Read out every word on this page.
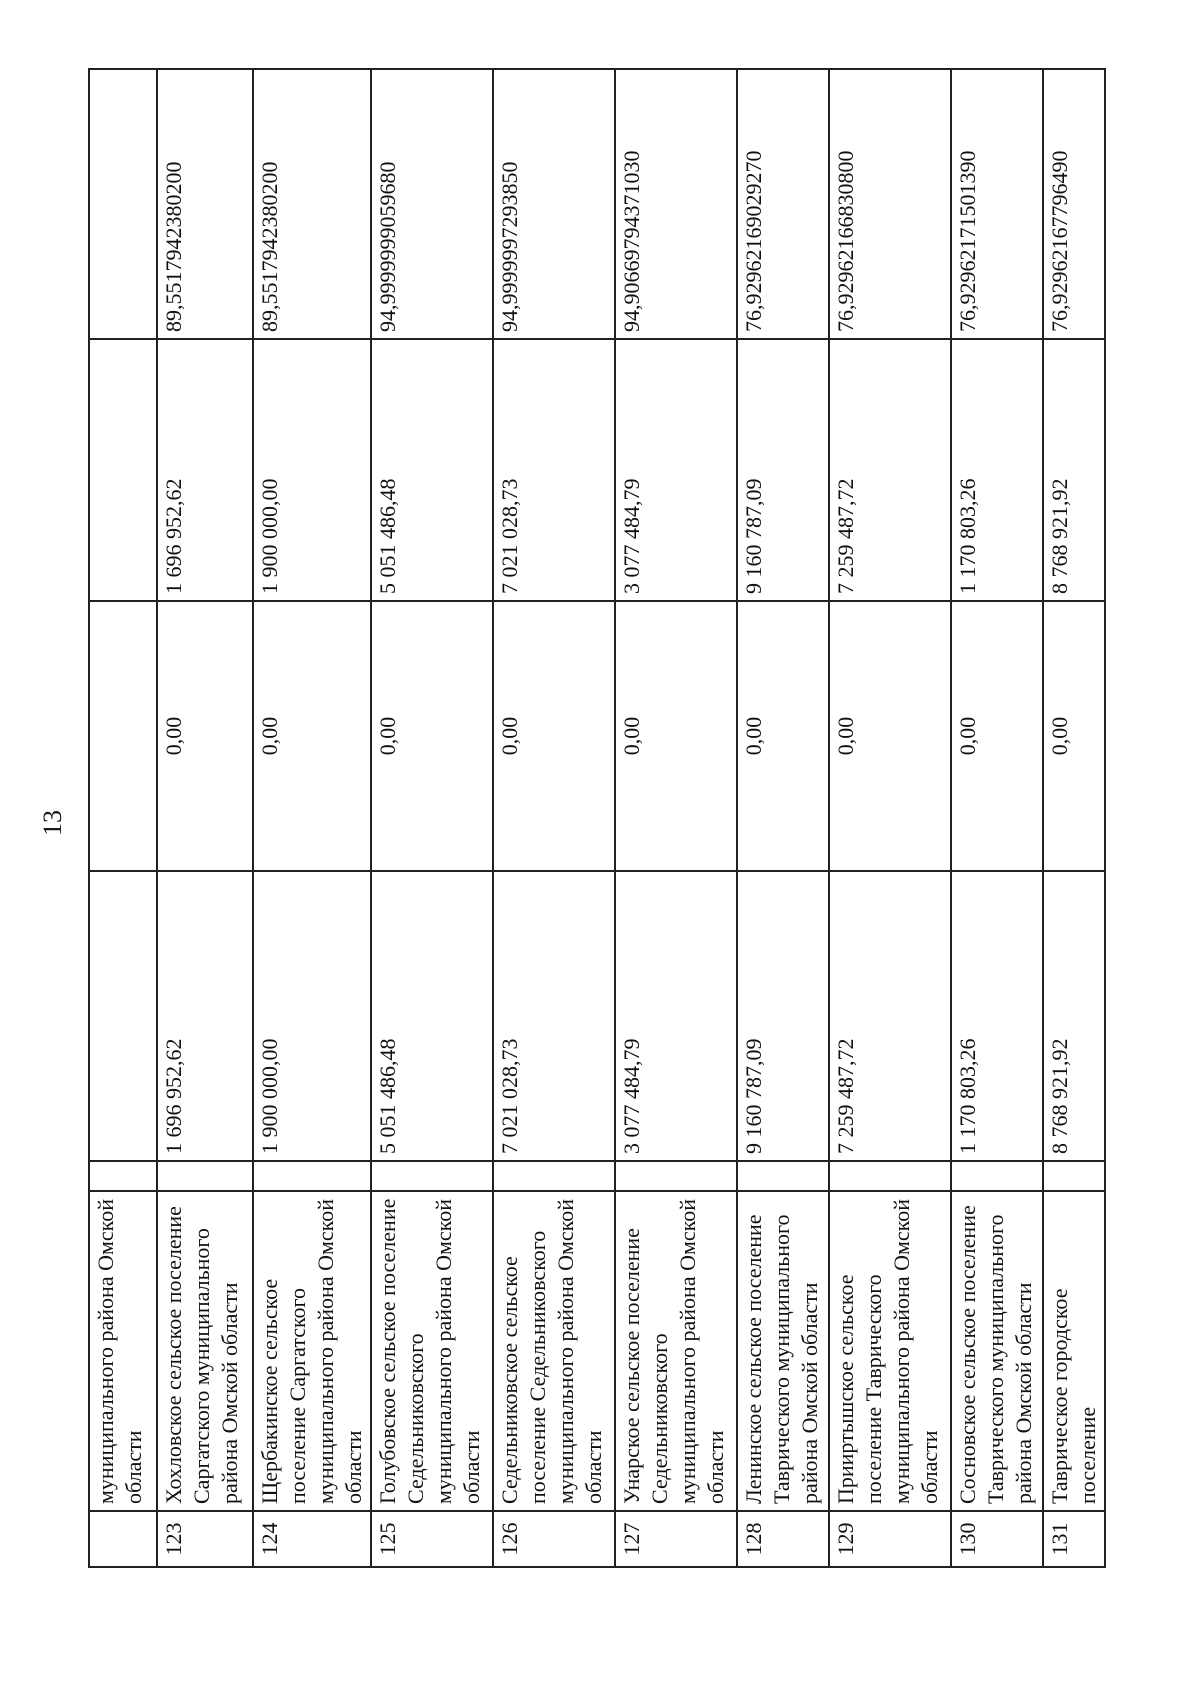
13
	муниципального района Омской области					
123	Хохловское сельское поселение Саргатского муниципального района Омской области		1 696 952,62	0,00	1 696 952,62	89,5517942380200
124	Щербакинское сельское поселение Саргатского муниципального района Омской области		1 900 000,00	0,00	1 900 000,00	89,5517942380200
125	Голубовское сельское поселение Седельниковского муниципального района Омской области		5 051 486,48	0,00	5 051 486,48	94,9999999059680
126	Седельниковское сельское поселение Седельниковского муниципального района Омской области		7 021 028,73	0,00	7 021 028,73	94,9999997293850
127	Унарское сельское поселение Седельниковского муниципального района Омской области		3 077 484,79	0,00	3 077 484,79	94,90669794371030
128	Ленинское сельское поселение Таврического муниципального района Омской области		9 160 787,09	0,00	9 160 787,09	76,92962169029270
129	Прииртышское сельское поселение Таврического муниципального района Омской области		7 259 487,72	0,00	7 259 487,72	76,92962166830800
130	Сосновское сельское поселение Таврического муниципального района Омской области		1 170 803,26	0,00	1 170 803,26	76,92962171501390
131	Таврическое городское поселение		8 768 921,92	0,00	8 768 921,92	76,92962167796490
